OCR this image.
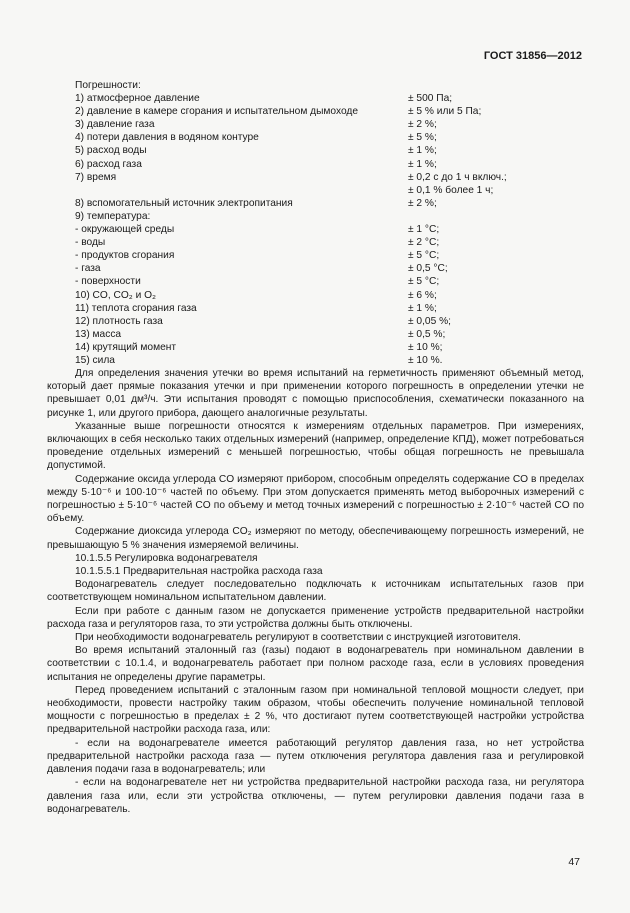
ГОСТ 31856—2012
Погрешности:
1) атмосферное давление	± 500 Па;
2) давление в камере сгорания и испытательном дымоходе	± 5 % или 5 Па;
3) давление газа	± 2 %;
4) потери давления в водяном контуре	± 5 %;
5) расход воды	± 1 %;
6) расход газа	± 1 %;
7) время	± 0,2 с до 1 ч включ.;
± 0,1 % более 1 ч;
8) вспомогательный источник электропитания	± 2 %;
9) температура:
- окружающей среды	± 1 °С;
- воды	± 2 °С;
- продуктов сгорания	± 5 °С;
- газа	± 0,5 °С;
- поверхности	± 5 °С;
10) CO, CO₂ и O₂	± 6 %;
11) теплота сгорания газа	± 1 %;
12) плотность газа	± 0,05 %;
13) масса	± 0,5 %;
14) крутящий момент	± 10 %;
15) сила	± 10 %.

Для определения значения утечки во время испытаний на герметичность применяют объемный метод, который дает прямые показания утечки и при применении которого погрешность в определении утечки не превышает 0,01 дм³/ч. Эти испытания проводят с помощью приспособления, схематически показанного на рисунке 1, или другого прибора, дающего аналогичные результаты.

Указанные выше погрешности относятся к измерениям отдельных параметров. При измерениях, включающих в себя несколько таких отдельных измерений (например, определение КПД), может потребоваться проведение отдельных измерений с меньшей погрешностью, чтобы общая погрешность не превышала допустимой.

Содержание оксида углерода CO измеряют прибором, способным определять содержание CO в пределах между 5·10⁻⁶ и 100·10⁻⁶ частей по объему. При этом допускается применять метод выборочных измерений с погрешностью ± 5·10⁻⁶ частей CO по объему и метод точных измерений с погрешностью ± 2·10⁻⁶ частей CO по объему.

Содержание диоксида углерода CO₂ измеряют по методу, обеспечивающему погрешность измерений, не превышающую 5 % значения измеряемой величины.

10.1.5.5 Регулировка водонагревателя

10.1.5.5.1 Предварительная настройка расхода газа

Водонагреватель следует последовательно подключать к источникам испытательных газов при соответствующем номинальном испытательном давлении.

Если при работе с данным газом не допускается применение устройств предварительной настройки расхода газа и регуляторов газа, то эти устройства должны быть отключены.

При необходимости водонагреватель регулируют в соответствии с инструкцией изготовителя.

Во время испытаний эталонный газ (газы) подают в водонагреватель при номинальном давлении в соответствии с 10.1.4, и водонагреватель работает при полном расходе газа, если в условиях проведения испытания не определены другие параметры.

Перед проведением испытаний с эталонным газом при номинальной тепловой мощности следует, при необходимости, провести настройку таким образом, чтобы обеспечить получение номинальной тепловой мощности с погрешностью в пределах ± 2 %, что достигают путем соответствующей настройки устройства предварительной настройки расхода газа, или:

- если на водонагревателе имеется работающий регулятор давления газа, но нет устройства предварительной настройки расхода газа — путем отключения регулятора давления газа и регулировкой давления подачи газа в водонагреватель; или

- если на водонагревателе нет ни устройства предварительной настройки расхода газа, ни регулятора давления газа или, если эти устройства отключены, — путем регулировки давления подачи газа в водонагреватель.

47
